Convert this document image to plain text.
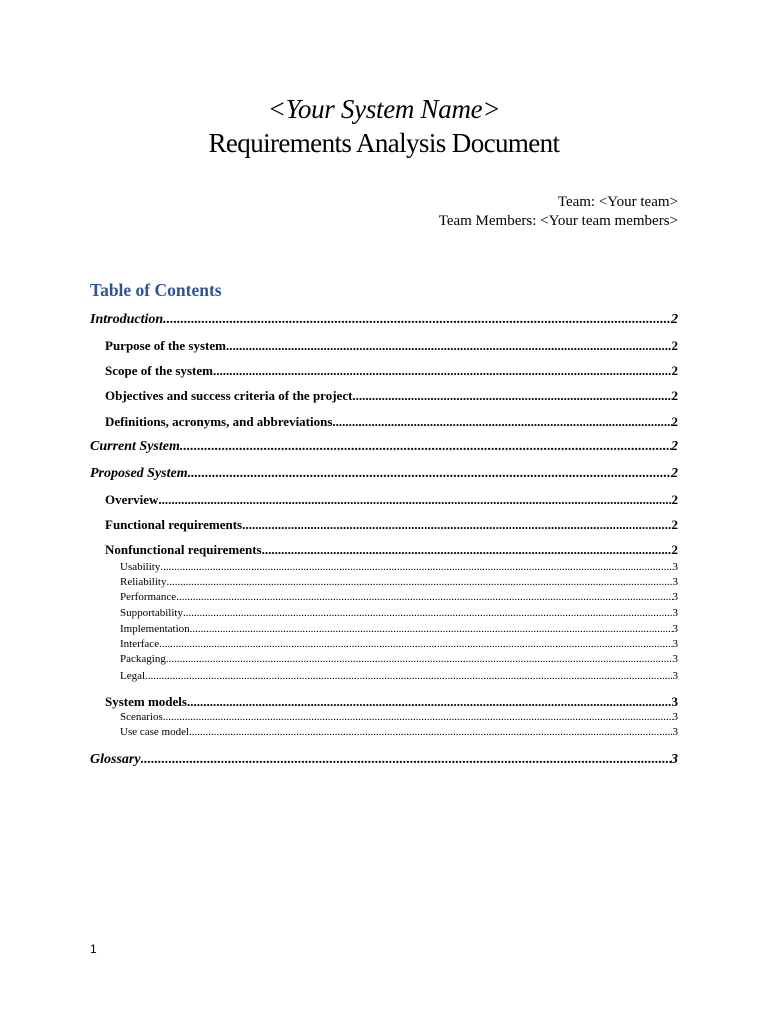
<Your System Name>
Requirements Analysis Document
Team: <Your team>
Team Members: <Your team members>
Table of Contents
Introduction .....	2
Purpose of the system .....	2
Scope of the system .....	2
Objectives and success criteria of the project .....	2
Definitions, acronyms, and abbreviations .....	2
Current System .....	2
Proposed System .....	2
Overview .....	2
Functional requirements .....	2
Nonfunctional requirements .....	2
Usability .....	3
Reliability .....	3
Performance .....	3
Supportability .....	3
Implementation .....	3
Interface .....	3
Packaging .....	3
Legal .....	3
System models .....	3
Scenarios .....	3
Use case model .....	3
Glossary .....	3
1
